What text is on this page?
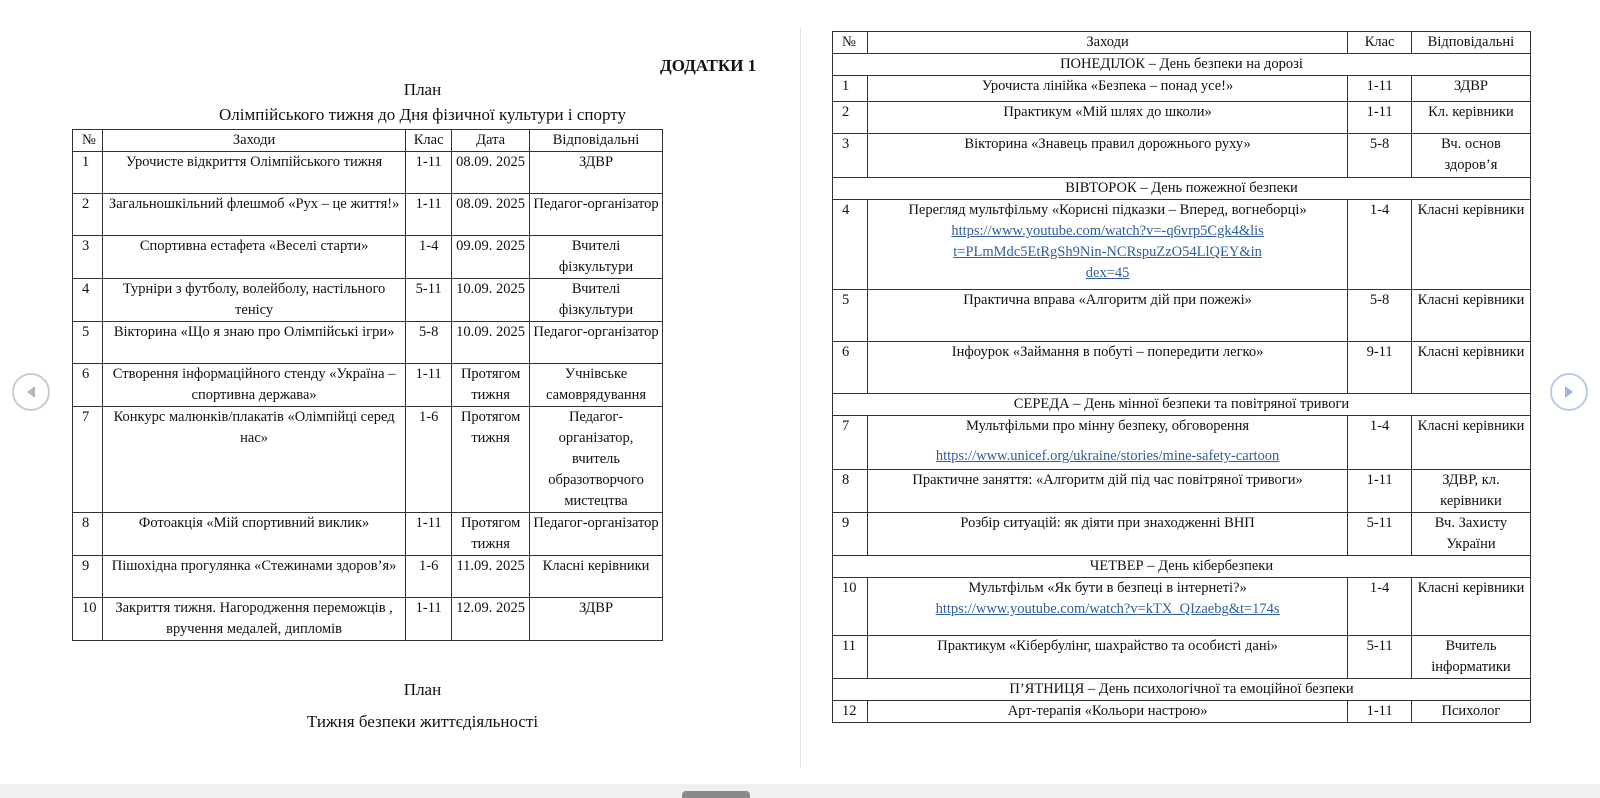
ДОДАТКИ 1
План
Олімпійського тижня до Дня фізичної культури і спорту
№	Заходи	Клас	Дата	Відповідальні
1	Урочисте відкриття Олімпійського тижня	1-11	08.09. 2025	ЗДВР
2	Загальношкільний флешмоб «Рух – це життя!»	1-11	08.09. 2025	Педагог-організатор
3	Спортивна естафета «Веселі старти»	1-4	09.09. 2025	Вчителі фізкультури
4	Турніри з футболу, волейболу, настільного тенісу	5-11	10.09. 2025	Вчителі фізкультури
5	Вікторина «Що я знаю про Олімпійські ігри»	5-8	10.09. 2025	Педагог-організатор
6	Створення інформаційного стенду «Україна – спортивна держава»	1-11	Протягом тижня	Учнівське самоврядування
7	Конкурс малюнків/плакатів «Олімпійці серед нас»	1-6	Протягом тижня	Педагог-організатор, вчитель образотворчого мистецтва
8	Фотоакція «Мій спортивний виклик»	1-11	Протягом тижня	Педагог-організатор
9	Пішохідна прогулянка «Стежинами здоров’я»	1-6	11.09. 2025	Класні керівники
10	Закриття тижня. Нагородження переможців , вручення медалей, дипломів	1-11	12.09. 2025	ЗДВР
План
Тижня безпеки життєдіяльності
№	Заходи	Клас	Відповідальні
ПОНЕДІЛОК – День безпеки на дорозі			
1	Урочиста лінійка «Безпека – понад усе!»	1-11	ЗДВР
2	Практикум «Мій шлях до школи»	1-11	Кл. керівники
3	Вікторина «Знавець правил дорожнього руху»	5-8	Вч. основ здоров’я
ВІВТОРОК – День пожежної безпеки			
4	Перегляд мультфільму «Корисні підказки – Вперед, вогнеборці»
https://www.youtube.com/watch?v=-q6vrp5Cgk4&list=PLmMdc5EtRgSh9Nin-NCRspuZzO54LlQEY&index=45	1-4	Класні керівники
5	Практична вправа «Алгоритм дій при пожежі»	5-8	Класні керівники
6	Інфоурок «Займання в побуті – попередити легко»	9-11	Класні керівники
СЕРЕДА – День мінної безпеки та повітряної тривоги			
7	Мультфільми про мінну безпеку, обговорення
https://www.unicef.org/ukraine/stories/mine-safety-cartoon	1-4	Класні керівники
8	Практичне заняття: «Алгоритм дій під час повітряної тривоги»	1-11	ЗДВР, кл. керівники
9	Розбір ситуацій: як діяти при знаходженні ВНП	5-11	Вч. Захисту України
ЧЕТВЕР – День кібербезпеки			
10	Мультфільм «Як бути в безпеці в інтернеті?»
https://www.youtube.com/watch?v=kTX_QIzaebg&t=174s	1-4	Класні керівники
11	Практикум «Кібербулінг, шахрайство та особисті дані»	5-11	Вчитель інформатики
П’ЯТНИЦЯ – День психологічної та емоційної безпеки			
12	Арт-терапія «Кольори настрою»	1-11	Психолог
